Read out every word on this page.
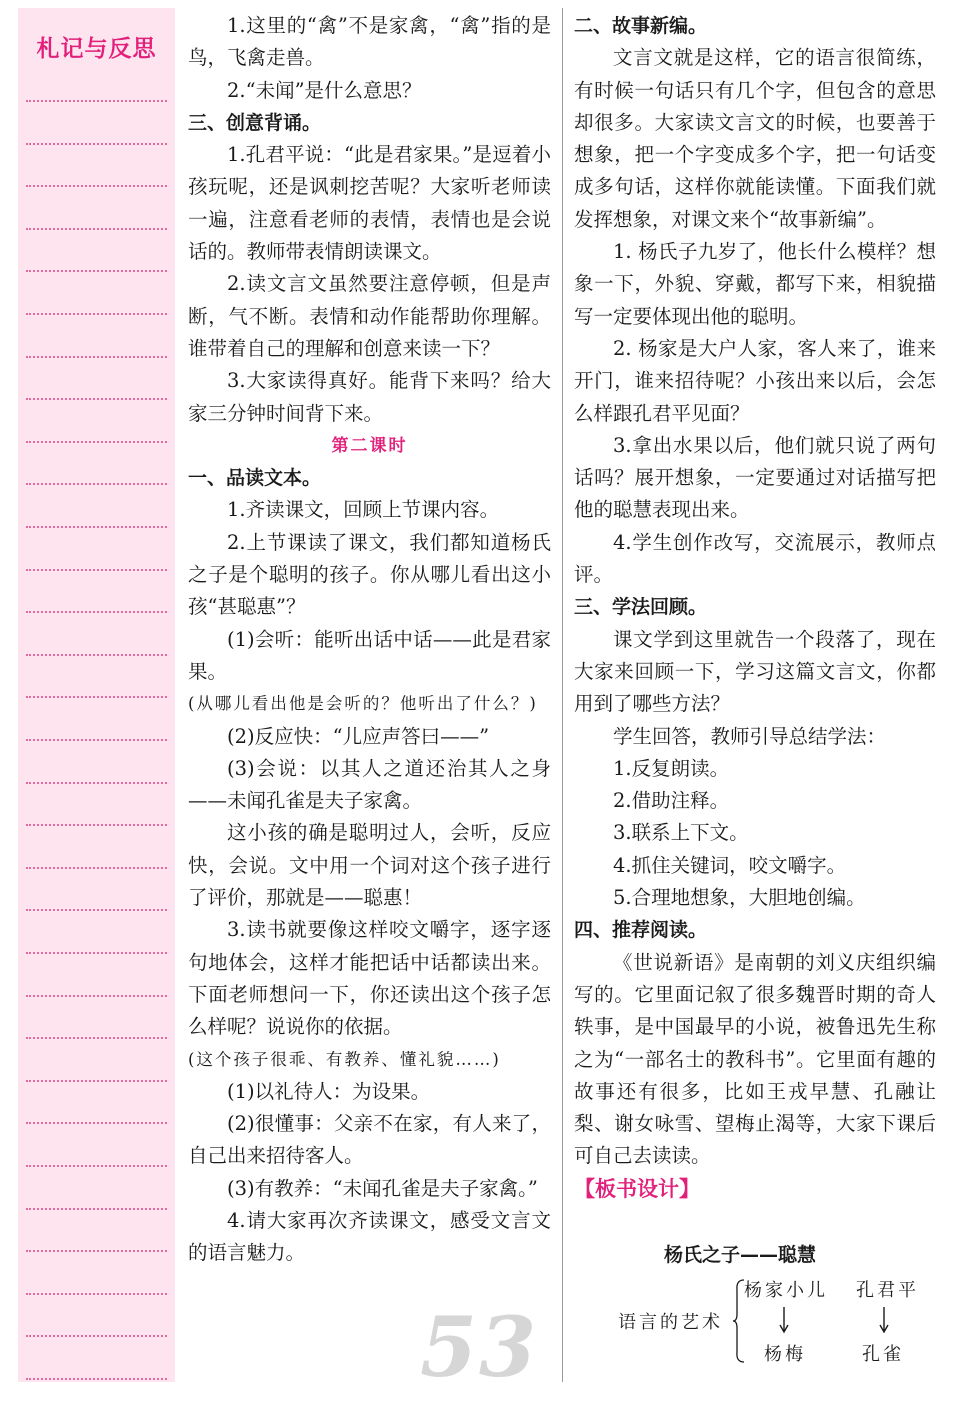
札记与反思

1.这里的“禽”不是家禽，“禽”指的是鸟，飞禽走兽。

2.“未闻”是什么意思？

三、创意背诵。

1.孔君平说：“此是君家果。”是逗着小孩玩呢，还是讽刺挖苦呢？大家听老师读一遍，注意看老师的表情，表情也是会说话的。教师带表情朗读课文。

2.读文言文虽然要注意停顿，但是声断，气不断。表情和动作能帮助你理解。谁带着自己的理解和创意来读一下？

3.大家读得真好。能背下来吗？给大家三分钟时间背下来。

第二课时

一、品读文本。

1.齐读课文，回顾上节课内容。

2.上节课读了课文，我们都知道杨氏之子是个聪明的孩子。你从哪儿看出这小孩“甚聪惠”？

(1)会听：能听出话中话——此是君家果。

(从哪儿看出他是会听的？他听出了什么？)

(2)反应快：“儿应声答曰——”

(3)会说：以其人之道还治其人之身——未闻孔雀是夫子家禽。

这小孩的确是聪明过人，会听，反应快，会说。文中用一个词对这个孩子进行了评价，那就是——聪惠！

3.读书就要像这样咬文嚼字，逐字逐句地体会，这样才能把话中话都读出来。下面老师想问一下，你还读出这个孩子怎么样呢？说说你的依据。

(这个孩子很乖、有教养、懂礼貌……)

(1)以礼待人：为设果。

(2)很懂事：父亲不在家，有人来了，自己出来招待客人。

(3)有教养：“未闻孔雀是夫子家禽。”

4.请大家再次齐读课文，感受文言文的语言魅力。

二、故事新编。

文言文就是这样，它的语言很简练，有时候一句话只有几个字，但包含的意思却很多。大家读文言文的时候，也要善于想象，把一个字变成多个字，把一句话变成多句话，这样你就能读懂。下面我们就发挥想象，对课文来个“故事新编”。

1. 杨氏子九岁了，他长什么模样？想象一下，外貌、穿戴，都写下来，相貌描写一定要体现出他的聪明。

2. 杨家是大户人家，客人来了，谁来开门，谁来招待呢？小孩出来以后，会怎么样跟孔君平见面？

3.拿出水果以后，他们就只说了两句话吗？展开想象，一定要通过对话描写把他的聪慧表现出来。

4.学生创作改写，交流展示，教师点评。

三、学法回顾。

课文学到这里就告一个段落了，现在大家来回顾一下，学习这篇文言文，你都用到了哪些方法？

学生回答，教师引导总结学法：

1.反复朗读。

2.借助注释。

3.联系上下文。

4.抓住关键词，咬文嚼字。

5.合理地想象，大胆地创编。

四、推荐阅读。

《世说新语》是南朝的刘义庆组织编写的。它里面记叙了很多魏晋时期的奇人轶事，是中国最早的小说，被鲁迅先生称之为“一部名士的教科书”。它里面有趣的故事还有很多，比如王戎早慧、孔融让梨、谢女咏雪、望梅止渴等，大家下课后可自己去读读。

【板书设计】

杨氏之子——聪慧
语言的艺术
杨家小儿 孔君平
杨梅	孔雀
53
